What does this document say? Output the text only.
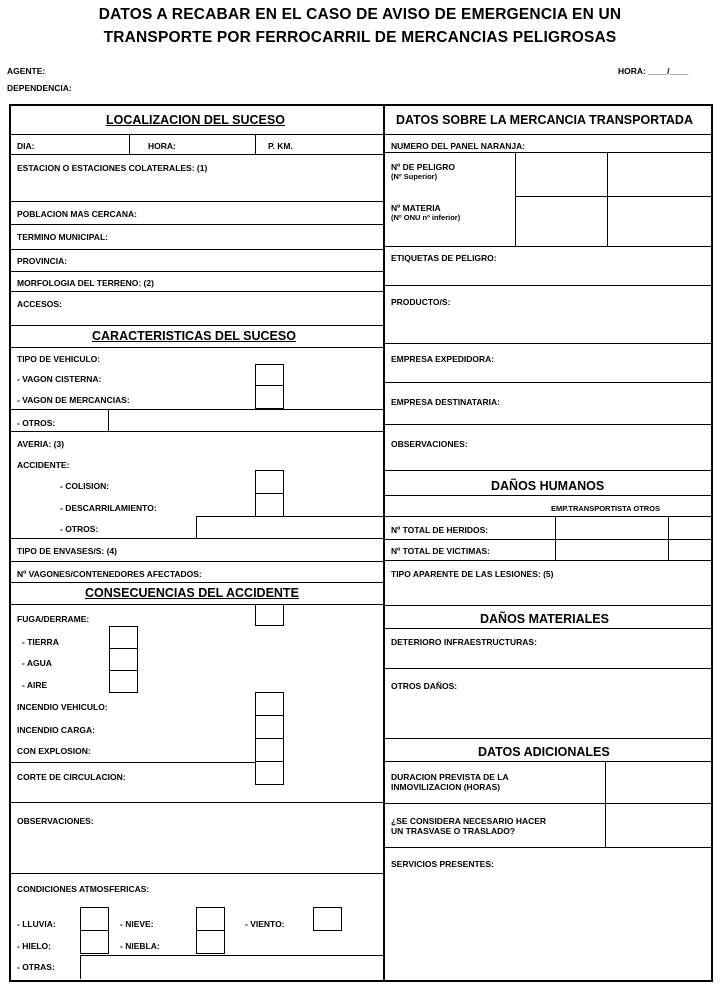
DATOS A RECABAR EN EL CASO DE AVISO DE EMERGENCIA EN UN
TRANSPORTE POR FERROCARRIL DE MERCANCIAS PELIGROSAS
AGENTE:
DEPENDENCIA:
HORA: ____/____
LOCALIZACION DEL SUCESO
DIA:	HORA:	P. KM.
ESTACION O ESTACIONES COLATERALES: (1)
POBLACION MAS CERCANA:
TERMINO MUNICIPAL:
PROVINCIA:
MORFOLOGIA DEL TERRENO: (2)
ACCESOS:
CARACTERISTICAS DEL SUCESO
TIPO DE VEHICULO:
- VAGON CISTERNA:
- VAGON DE MERCANCIAS:
- OTROS:
AVERIA: (3)
ACCIDENTE:
- COLISION:
- DESCARRILAMIENTO:
- OTROS:
TIPO DE ENVASES/S: (4)
Nº VAGONES/CONTENEDORES AFECTADOS:
CONSECUENCIAS DEL ACCIDENTE
FUGA/DERRAME:
- TIERRA
- AGUA
- AIRE
INCENDIO VEHICULO:
INCENDIO CARGA:
CON EXPLOSION:
CORTE DE CIRCULACION:
OBSERVACIONES:
CONDICIONES ATMOSFERICAS:
- LLUVIA:	- NIEVE:	- VIENTO:
- HIELO:	- NIEBLA:
- OTRAS:
DATOS SOBRE LA MERCANCIA TRANSPORTADA
NUMERO DEL PANEL NARANJA:
Nº DE PELIGRO
(Nº Superior)
Nº MATERIA
(Nº ONU nº inferior)
ETIQUETAS DE PELIGRO:
PRODUCTO/S:
EMPRESA EXPEDIDORA:
EMPRESA DESTINATARIA:
OBSERVACIONES:
DAÑOS HUMANOS
EMP.TRANSPORTISTA OTROS
Nº TOTAL DE HERIDOS:
Nº TOTAL DE VICTIMAS:
TIPO APARENTE DE LAS LESIONES: (5)
DAÑOS MATERIALES
DETERIORO INFRAESTRUCTURAS:
OTROS DAÑOS:
DATOS ADICIONALES
DURACION PREVISTA DE LA
INMOVILIZACION (HORAS)
¿SE CONSIDERA NECESARIO HACER
UN TRASVASE O TRASLADO?
SERVICIOS PRESENTES:
